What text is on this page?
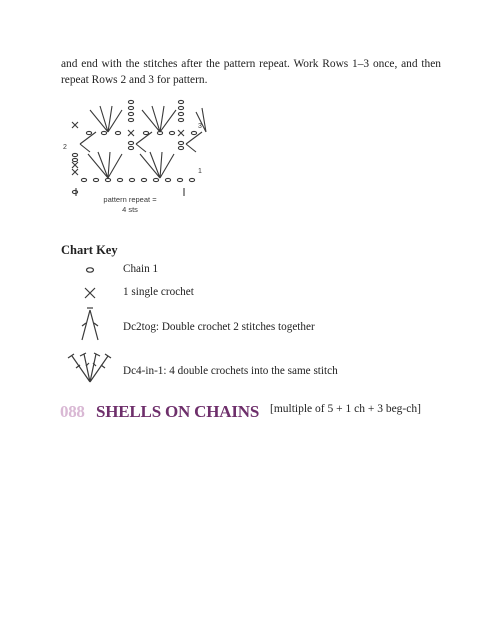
and end with the stitches after the pattern repeat. Work Rows 1–3 once, and then repeat Rows 2 and 3 for pattern.

3
2
1
pattern repeat =
4 sts
Chart Key
Chain 1
1 single crochet
Dc2tog: Double crochet 2 stitches together
Dc4-in-1: 4 double crochets into the same stitch
088 SHELLS ON CHAINS [multiple of 5 + 1 ch + 3 beg-ch]
